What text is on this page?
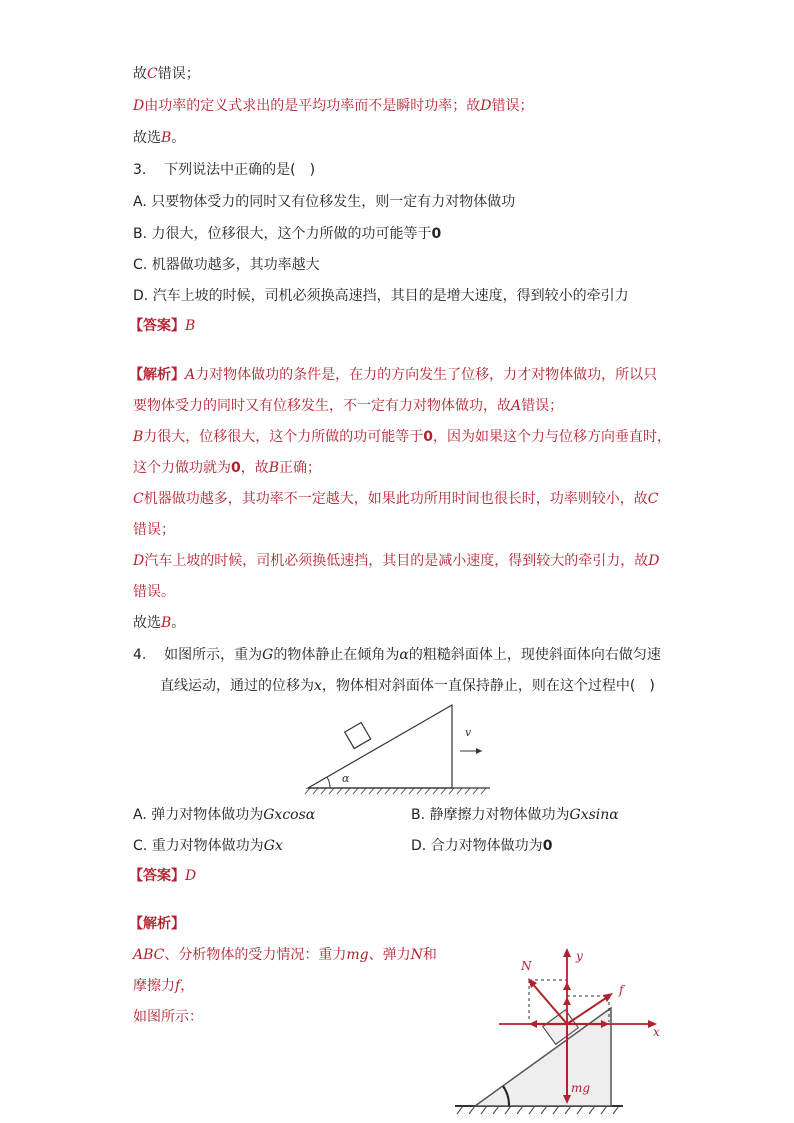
故C错误；
D由功率的定义式求出的是平均功率而不是瞬时功率；故D错误；
故选B。
3. 下列说法中正确的是(　)
A. 只要物体受力的同时又有位移发生，则一定有力对物体做功
B. 力很大，位移很大，这个力所做的功可能等于0
C. 机器做功越多，其功率越大
D. 汽车上坡的时候，司机必须换高速挡，其目的是增大速度，得到较小的牵引力
【答案】B
【解析】A力对物体做功的条件是，在力的方向发生了位移，力才对物体做功，所以只
要物体受力的同时又有位移发生，不一定有力对物体做功，故A错误；
B力很大，位移很大，这个力所做的功可能等于0，因为如果这个力与位移方向垂直时，
这个力做功就为0，故B正确；
C机器做功越多，其功率不一定越大，如果此功所用时间也很长时，功率则较小，故C
错误；
D汽车上坡的时候，司机必须换低速挡，其目的是减小速度，得到较大的牵引力，故D
错误。
故选B。
4. 如图所示，重为G的物体静止在倾角为α的粗糙斜面体上，现使斜面体向右做匀速
直线运动，通过的位移为x，物体相对斜面体一直保持静止，则在这个过程中(　)
α
v
A. 弹力对物体做功为Gxcosα	B. 静摩擦力对物体做功为Gxsinα
C. 重力对物体做功为Gx	D. 合力对物体做功为0
【答案】D
【解析】
ABC、分析物体的受力情况：重力mg、弹力N和
摩擦力f，
如图所示：
N
y
f
x
mg
